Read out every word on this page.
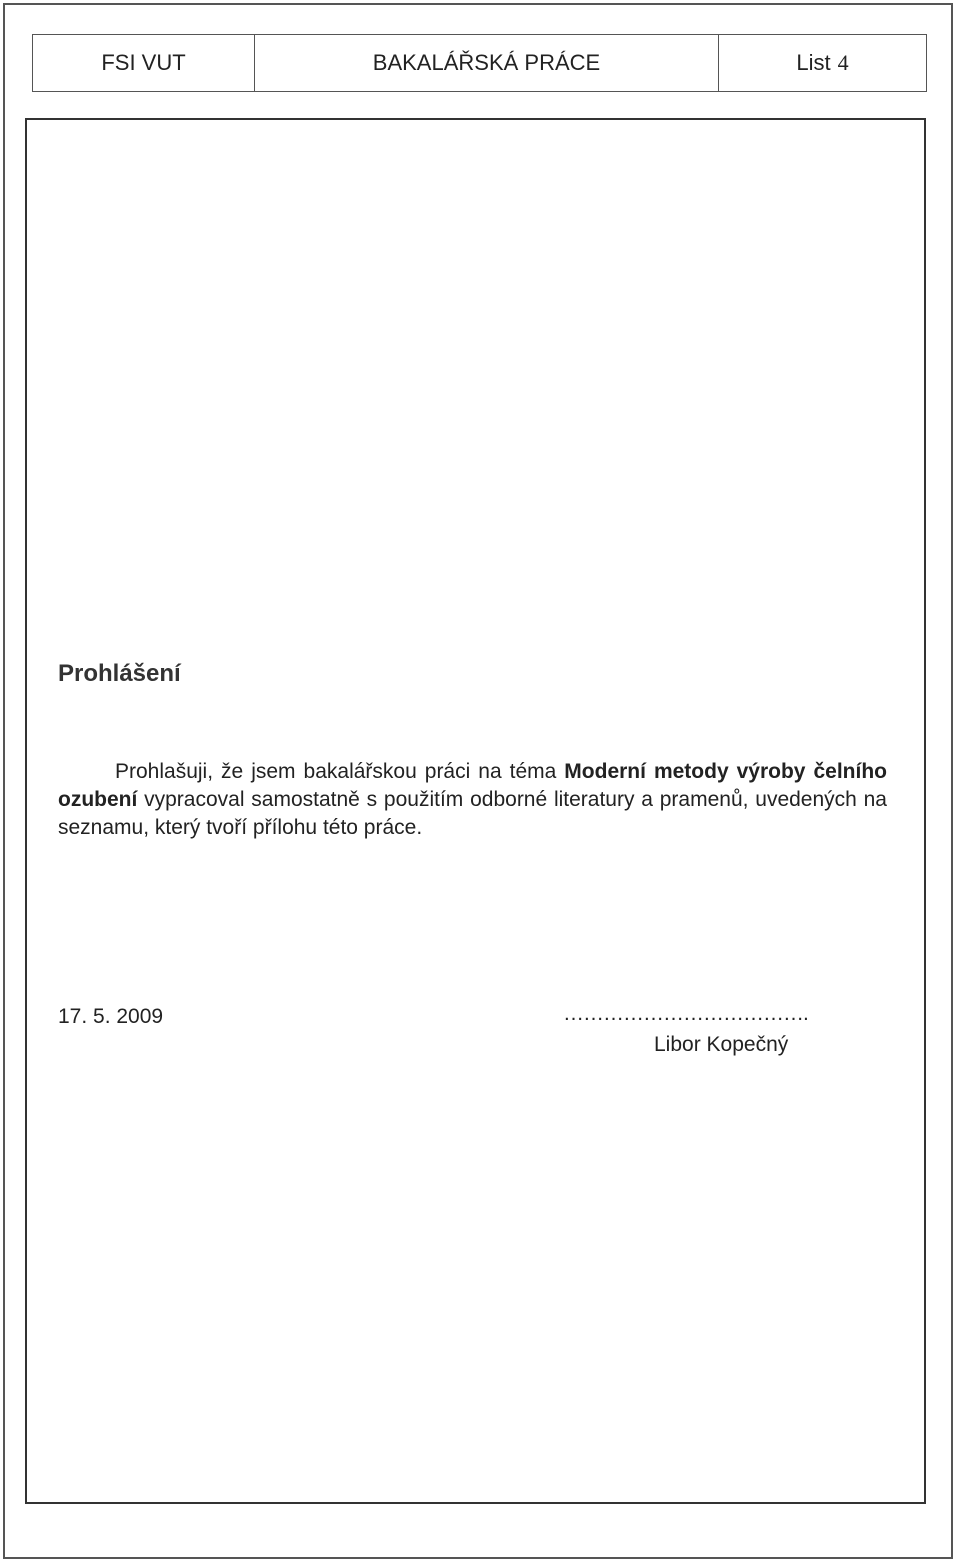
FSI VUT	BAKALÁŘSKÁ PRÁCE	List 4
Prohlášení

Prohlašuji, že jsem bakalářskou práci na téma Moderní metody výroby čelního ozubení vypracoval samostatně s použitím odborné literatury a pramenů, uvedených na seznamu, který tvoří přílohu této práce.

17. 5. 2009	……………………………….
Libor Kopečný
